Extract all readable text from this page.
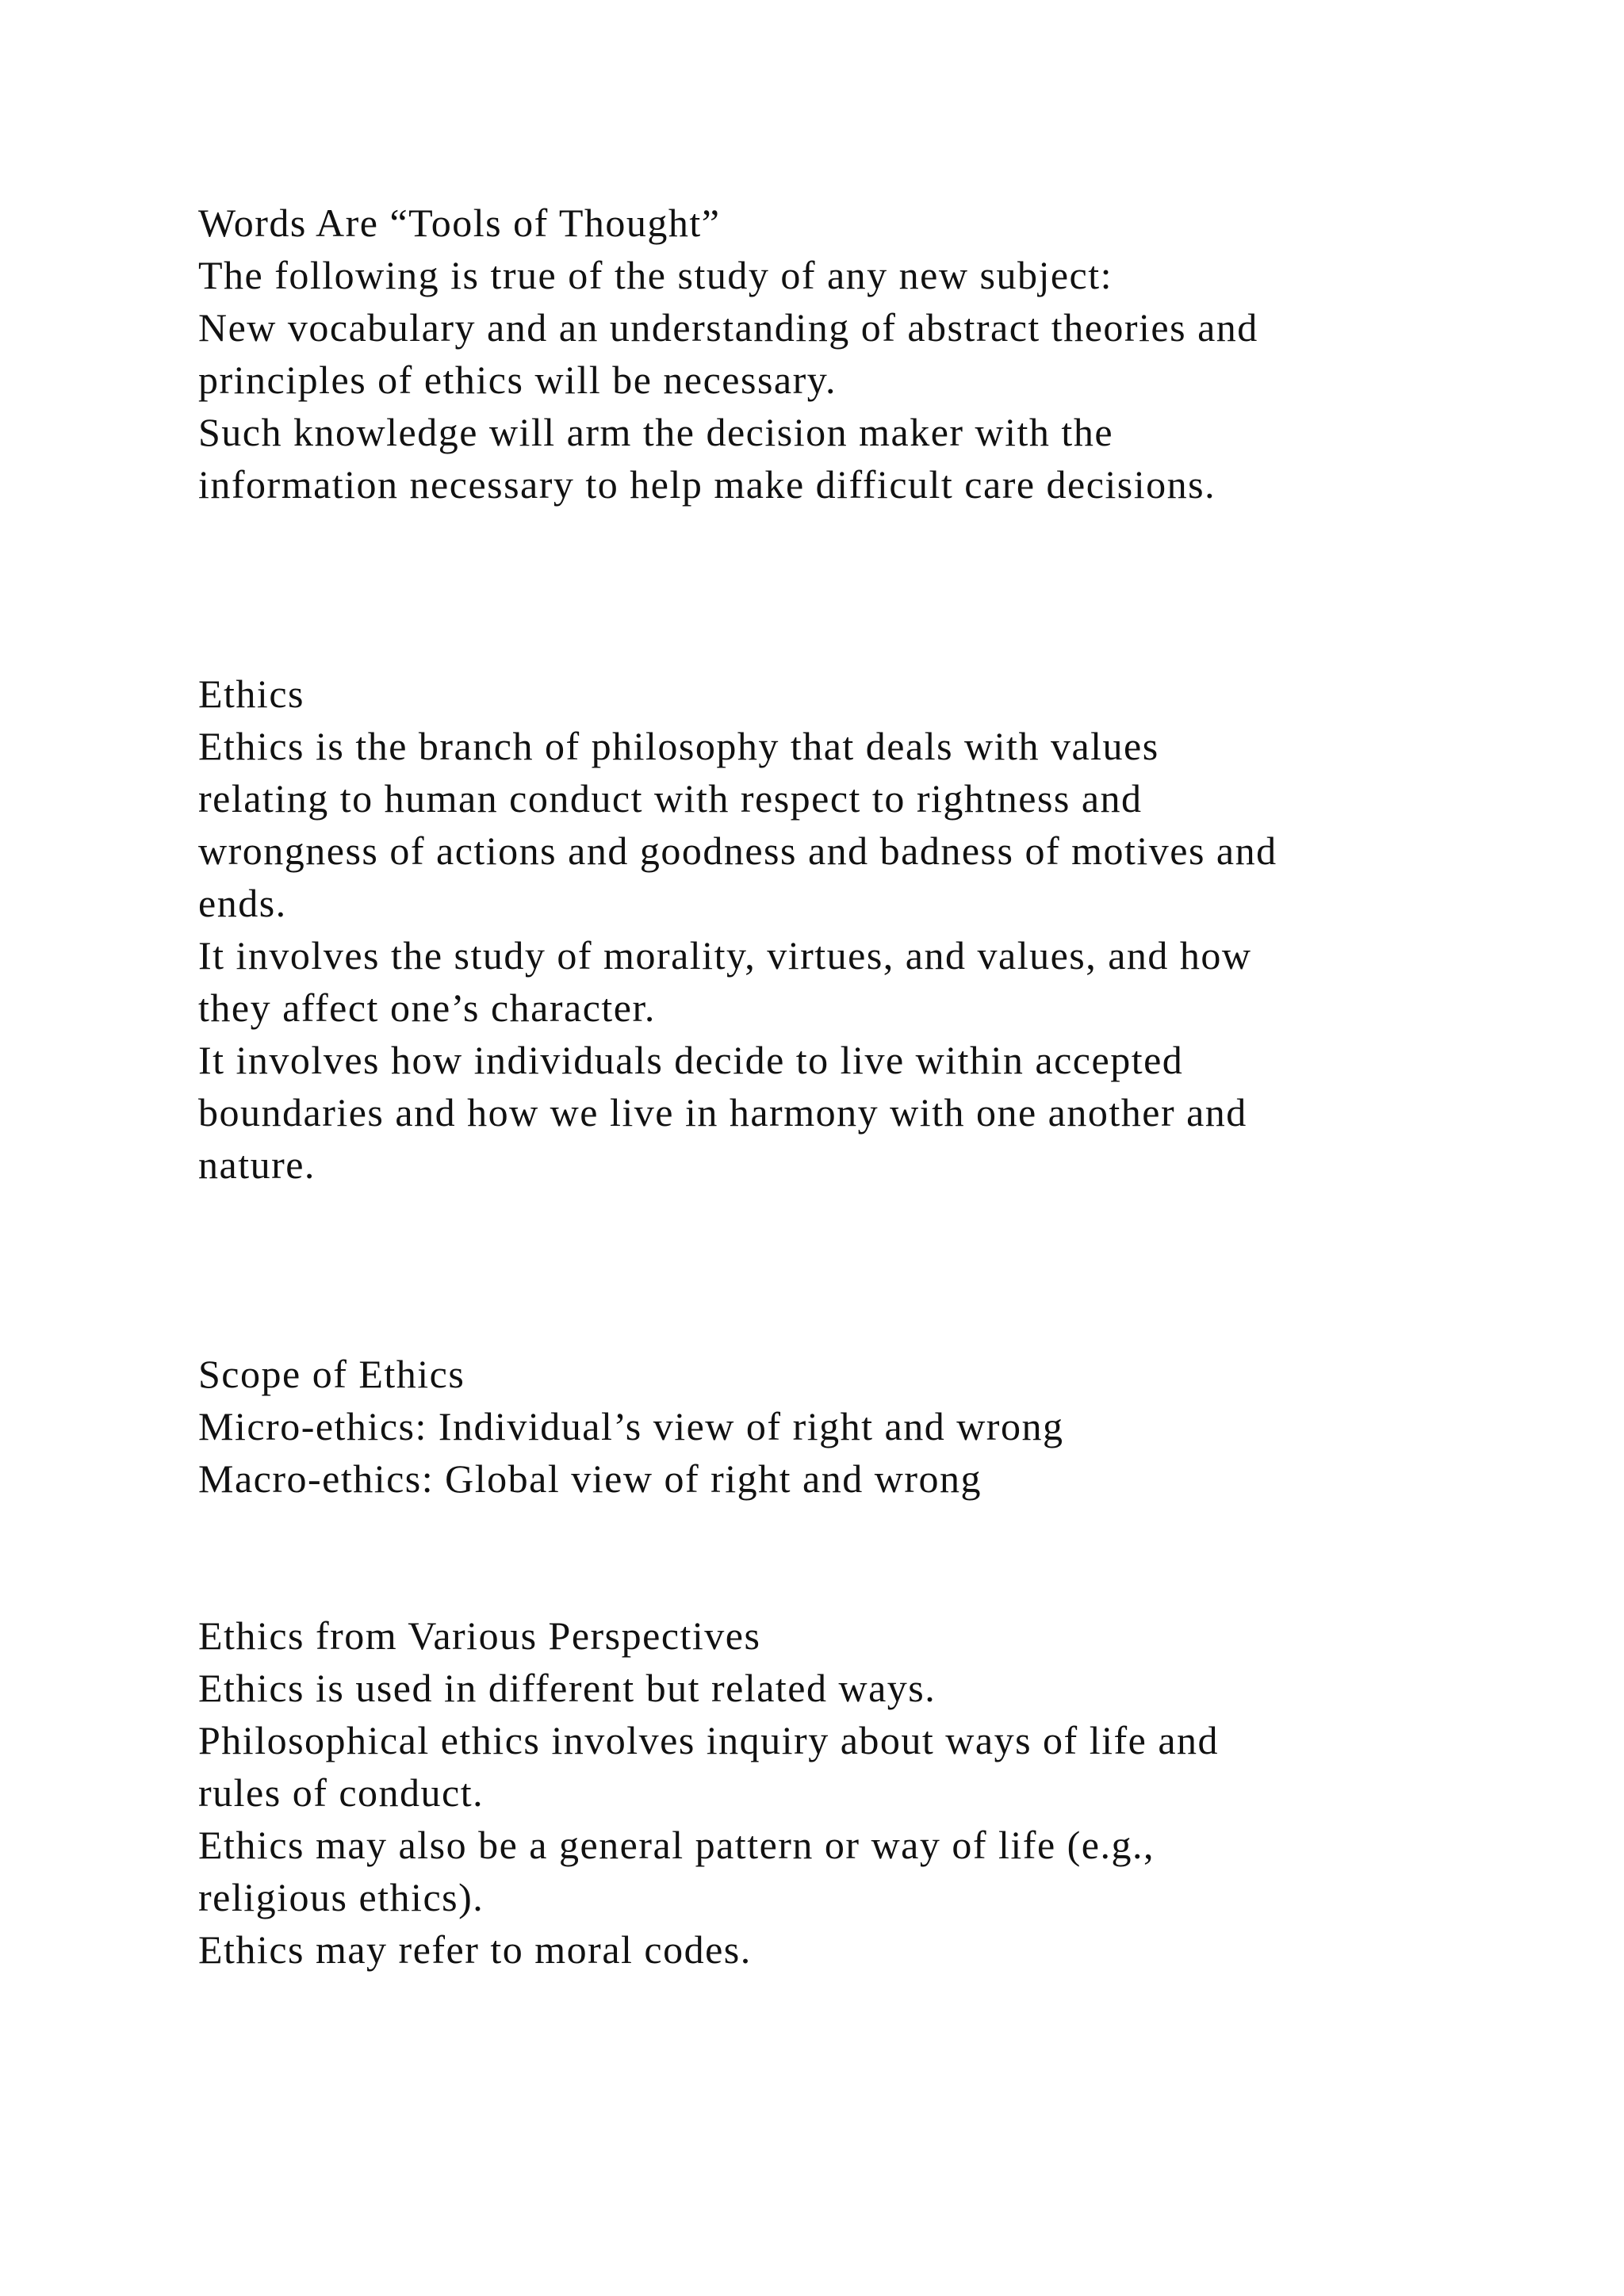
Words Are “Tools of Thought”
The following is true of the study of any new subject:
New vocabulary and an understanding of abstract theories and
principles of ethics will be necessary.
Such knowledge will arm the decision maker with the
information necessary to help make difficult care decisions.
Ethics
Ethics is the branch of philosophy that deals with values
relating to human conduct with respect to rightness and
wrongness of actions and goodness and badness of motives and
ends.
It involves the study of morality, virtues, and values, and how
they affect one’s character.
It involves how individuals decide to live within accepted
boundaries and how we live in harmony with one another and
nature.
Scope of Ethics
Micro-ethics: Individual’s view of right and wrong
Macro-ethics: Global view of right and wrong
Ethics from Various Perspectives
Ethics is used in different but related ways.
Philosophical ethics involves inquiry about ways of life and
rules of conduct.
Ethics may also be a general pattern or way of life (e.g.,
religious ethics).
Ethics may refer to moral codes.
